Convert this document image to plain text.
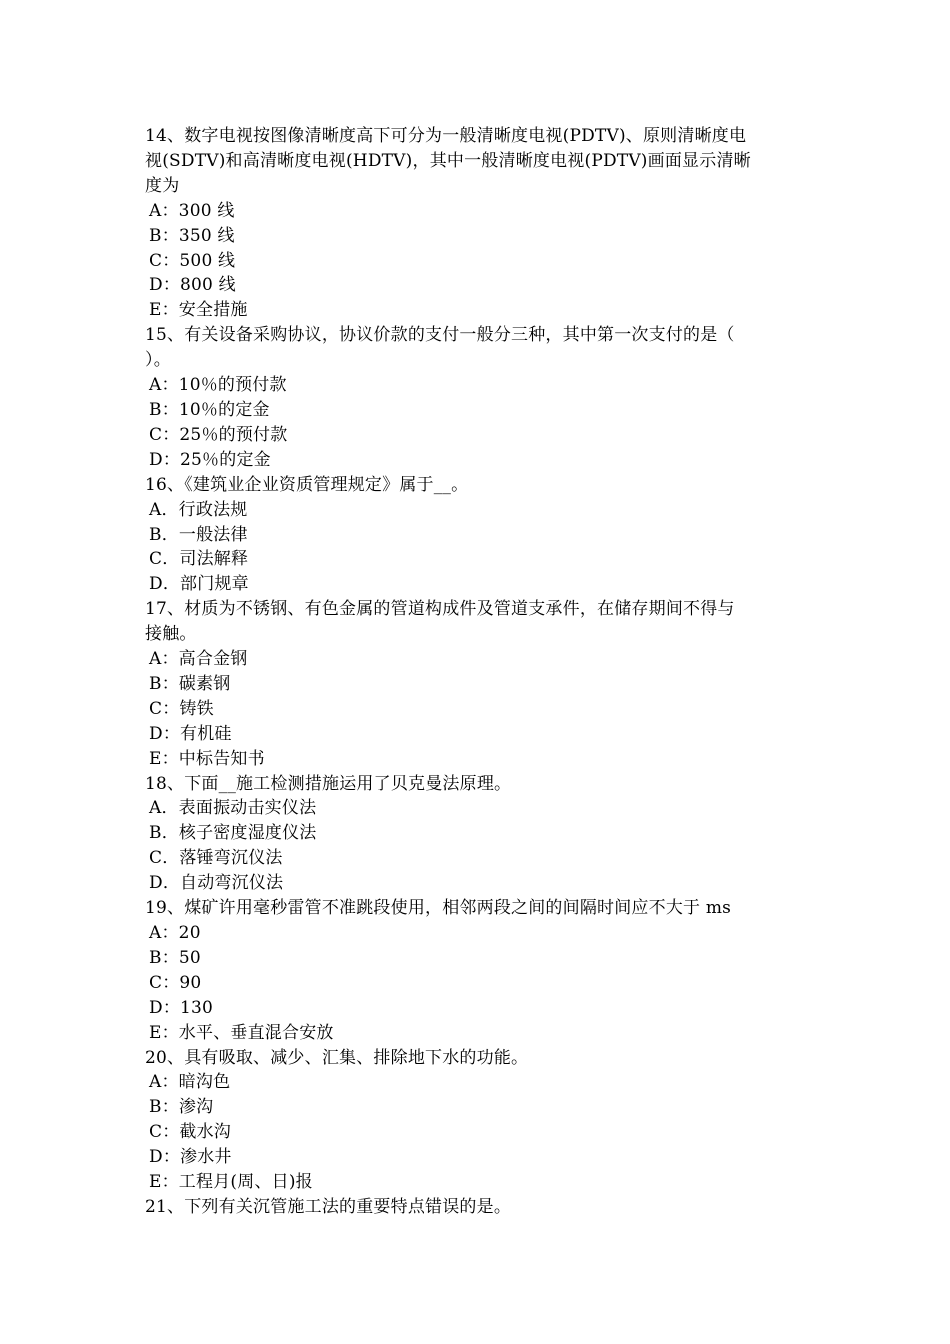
14、数字电视按图像清晰度高下可分为一般清晰度电视(PDTV)、原则清晰度电
视(SDTV)和高清晰度电视(HDTV)，其中一般清晰度电视(PDTV)画面显示清晰
度为
A：300 线
B：350 线
C：500 线
D：800 线
E：安全措施
15、有关设备采购协议，协议价款的支付一般分三种，其中第一次支付的是（
）。
A：10％的预付款
B：10％的定金
C：25％的预付款
D：25％的定金
16、《建筑业企业资质管理规定》属于__。
A．行政法规
B．一般法律
C．司法解释
D．部门规章
17、材质为不锈钢、有色金属的管道构成件及管道支承件，在储存期间不得与
接触。
A：高合金钢
B：碳素钢
C：铸铁
D：有机硅
E：中标告知书
18、下面__施工检测措施运用了贝克曼法原理。
A．表面振动击实仪法
B．核子密度湿度仪法
C．落锤弯沉仪法
D．自动弯沉仪法
19、煤矿许用毫秒雷管不准跳段使用，相邻两段之间的间隔时间应不大于 ms
A：20
B：50
C：90
D：130
E：水平、垂直混合安放
20、具有吸取、减少、汇集、排除地下水的功能。
A：暗沟色
B：渗沟
C：截水沟
D：渗水井
E：工程月(周、日)报
21、下列有关沉管施工法的重要特点错误的是。
